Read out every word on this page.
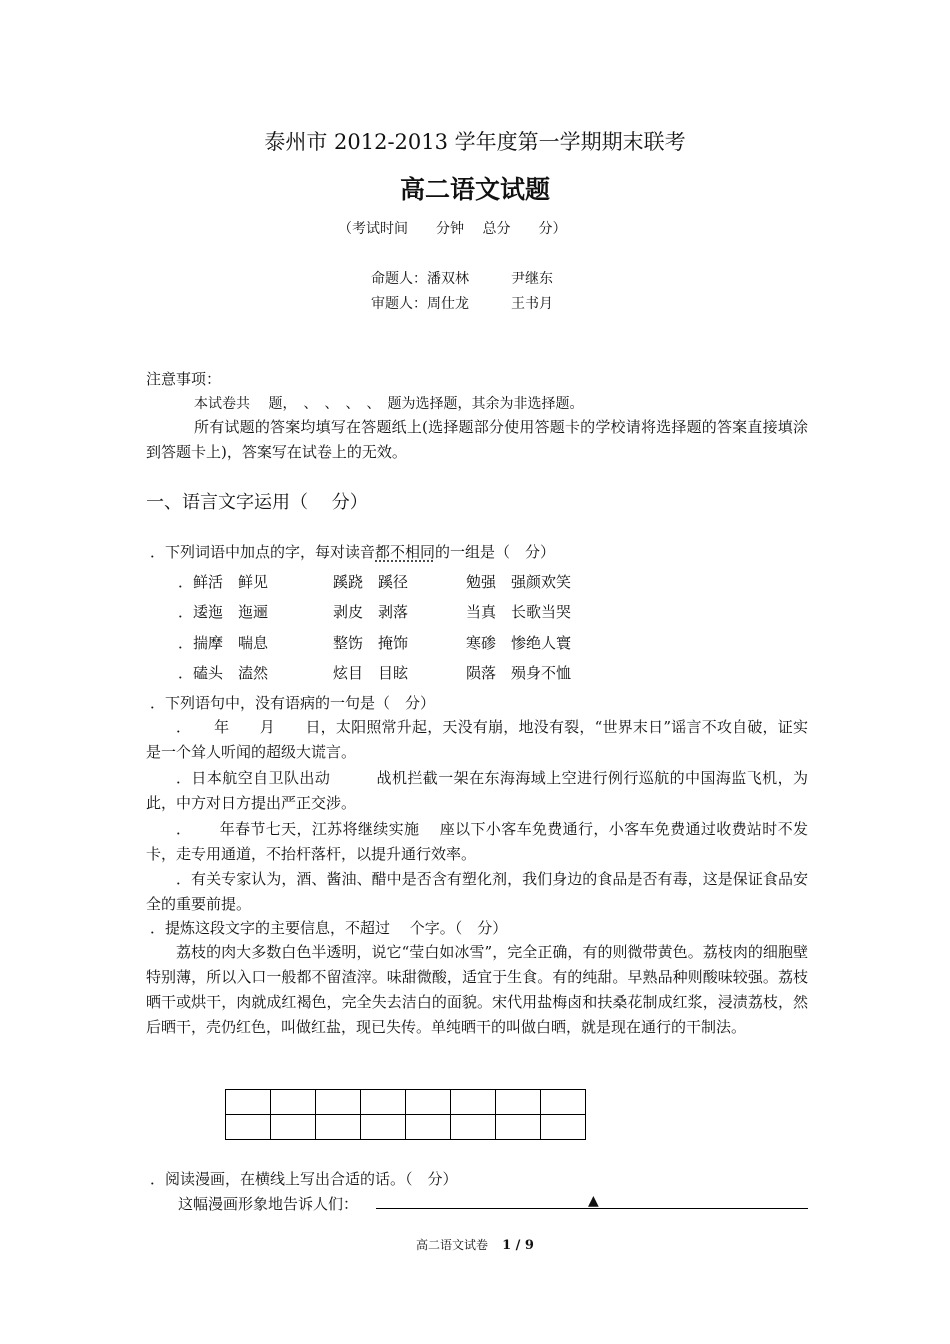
泰州市 2012-2013 学年度第一学期期末联考
高二语文试题
（考试时间　　分钟　 总分　　分）
命题人：潘双林　　　尹继东
审题人：周仕龙　　　王书月
注意事项：
本试卷共　 题，　、　、　、　、　题为选择题，其余为非选择题。
所有试题的答案均填写在答题纸上(选择题部分使用答题卡的学校请将选择题的答案直接填涂到答题卡上)，答案写在试卷上的无效。
一、语言文字运用（　 分）
．下列词语中加点的字，每对读音都不相同的一组是（　分）
．鲜活　鲜见	蹊跷　蹊径	勉强　强颜欢笑
．逶迤　迤逦	剥皮　剥落	当真　长歌当哭
．揣摩　喘息	整饬　掩饰	寒碜　惨绝人寰
．磕头　溘然	炫目　目眩	陨落　殒身不恤
．下列语句中，没有语病的一句是（　分）
．　　年　　月　　日，太阳照常升起，天没有崩，地没有裂，“世界末日”谣言不攻自破，证实是一个耸人听闻的超级大谎言。
．日本航空自卫队出动　　　战机拦截一架在东海海域上空进行例行巡航的中国海监飞机，为此，中方对日方提出严正交涉。
．　　 年春节七天，江苏将继续实施　 座以下小客车免费通行，小客车免费通过收费站时不发卡，走专用通道，不抬杆落杆，以提升通行效率。
．有关专家认为，酒、酱油、醋中是否含有塑化剂，我们身边的食品是否有毒，这是保证食品安全的重要前提。
．提炼这段文字的主要信息，不超过　 个字。（　分）
荔枝的肉大多数白色半透明，说它“莹白如冰雪”，完全正确，有的则微带黄色。荔枝肉的细胞壁特别薄，所以入口一般都不留渣滓。味甜微酸，适宜于生食。有的纯甜。早熟品种则酸味较强。荔枝晒干或烘干，肉就成红褐色，完全失去洁白的面貌。宋代用盐梅卤和扶桑花制成红浆，浸渍荔枝，然后晒干，壳仍红色，叫做红盐，现已失传。单纯晒干的叫做白晒，就是现在通行的干制法。

．阅读漫画，在横线上写出合适的话。（　分）
这幅漫画形象地告诉人们：	▲
高二语文试卷 1 / 9
